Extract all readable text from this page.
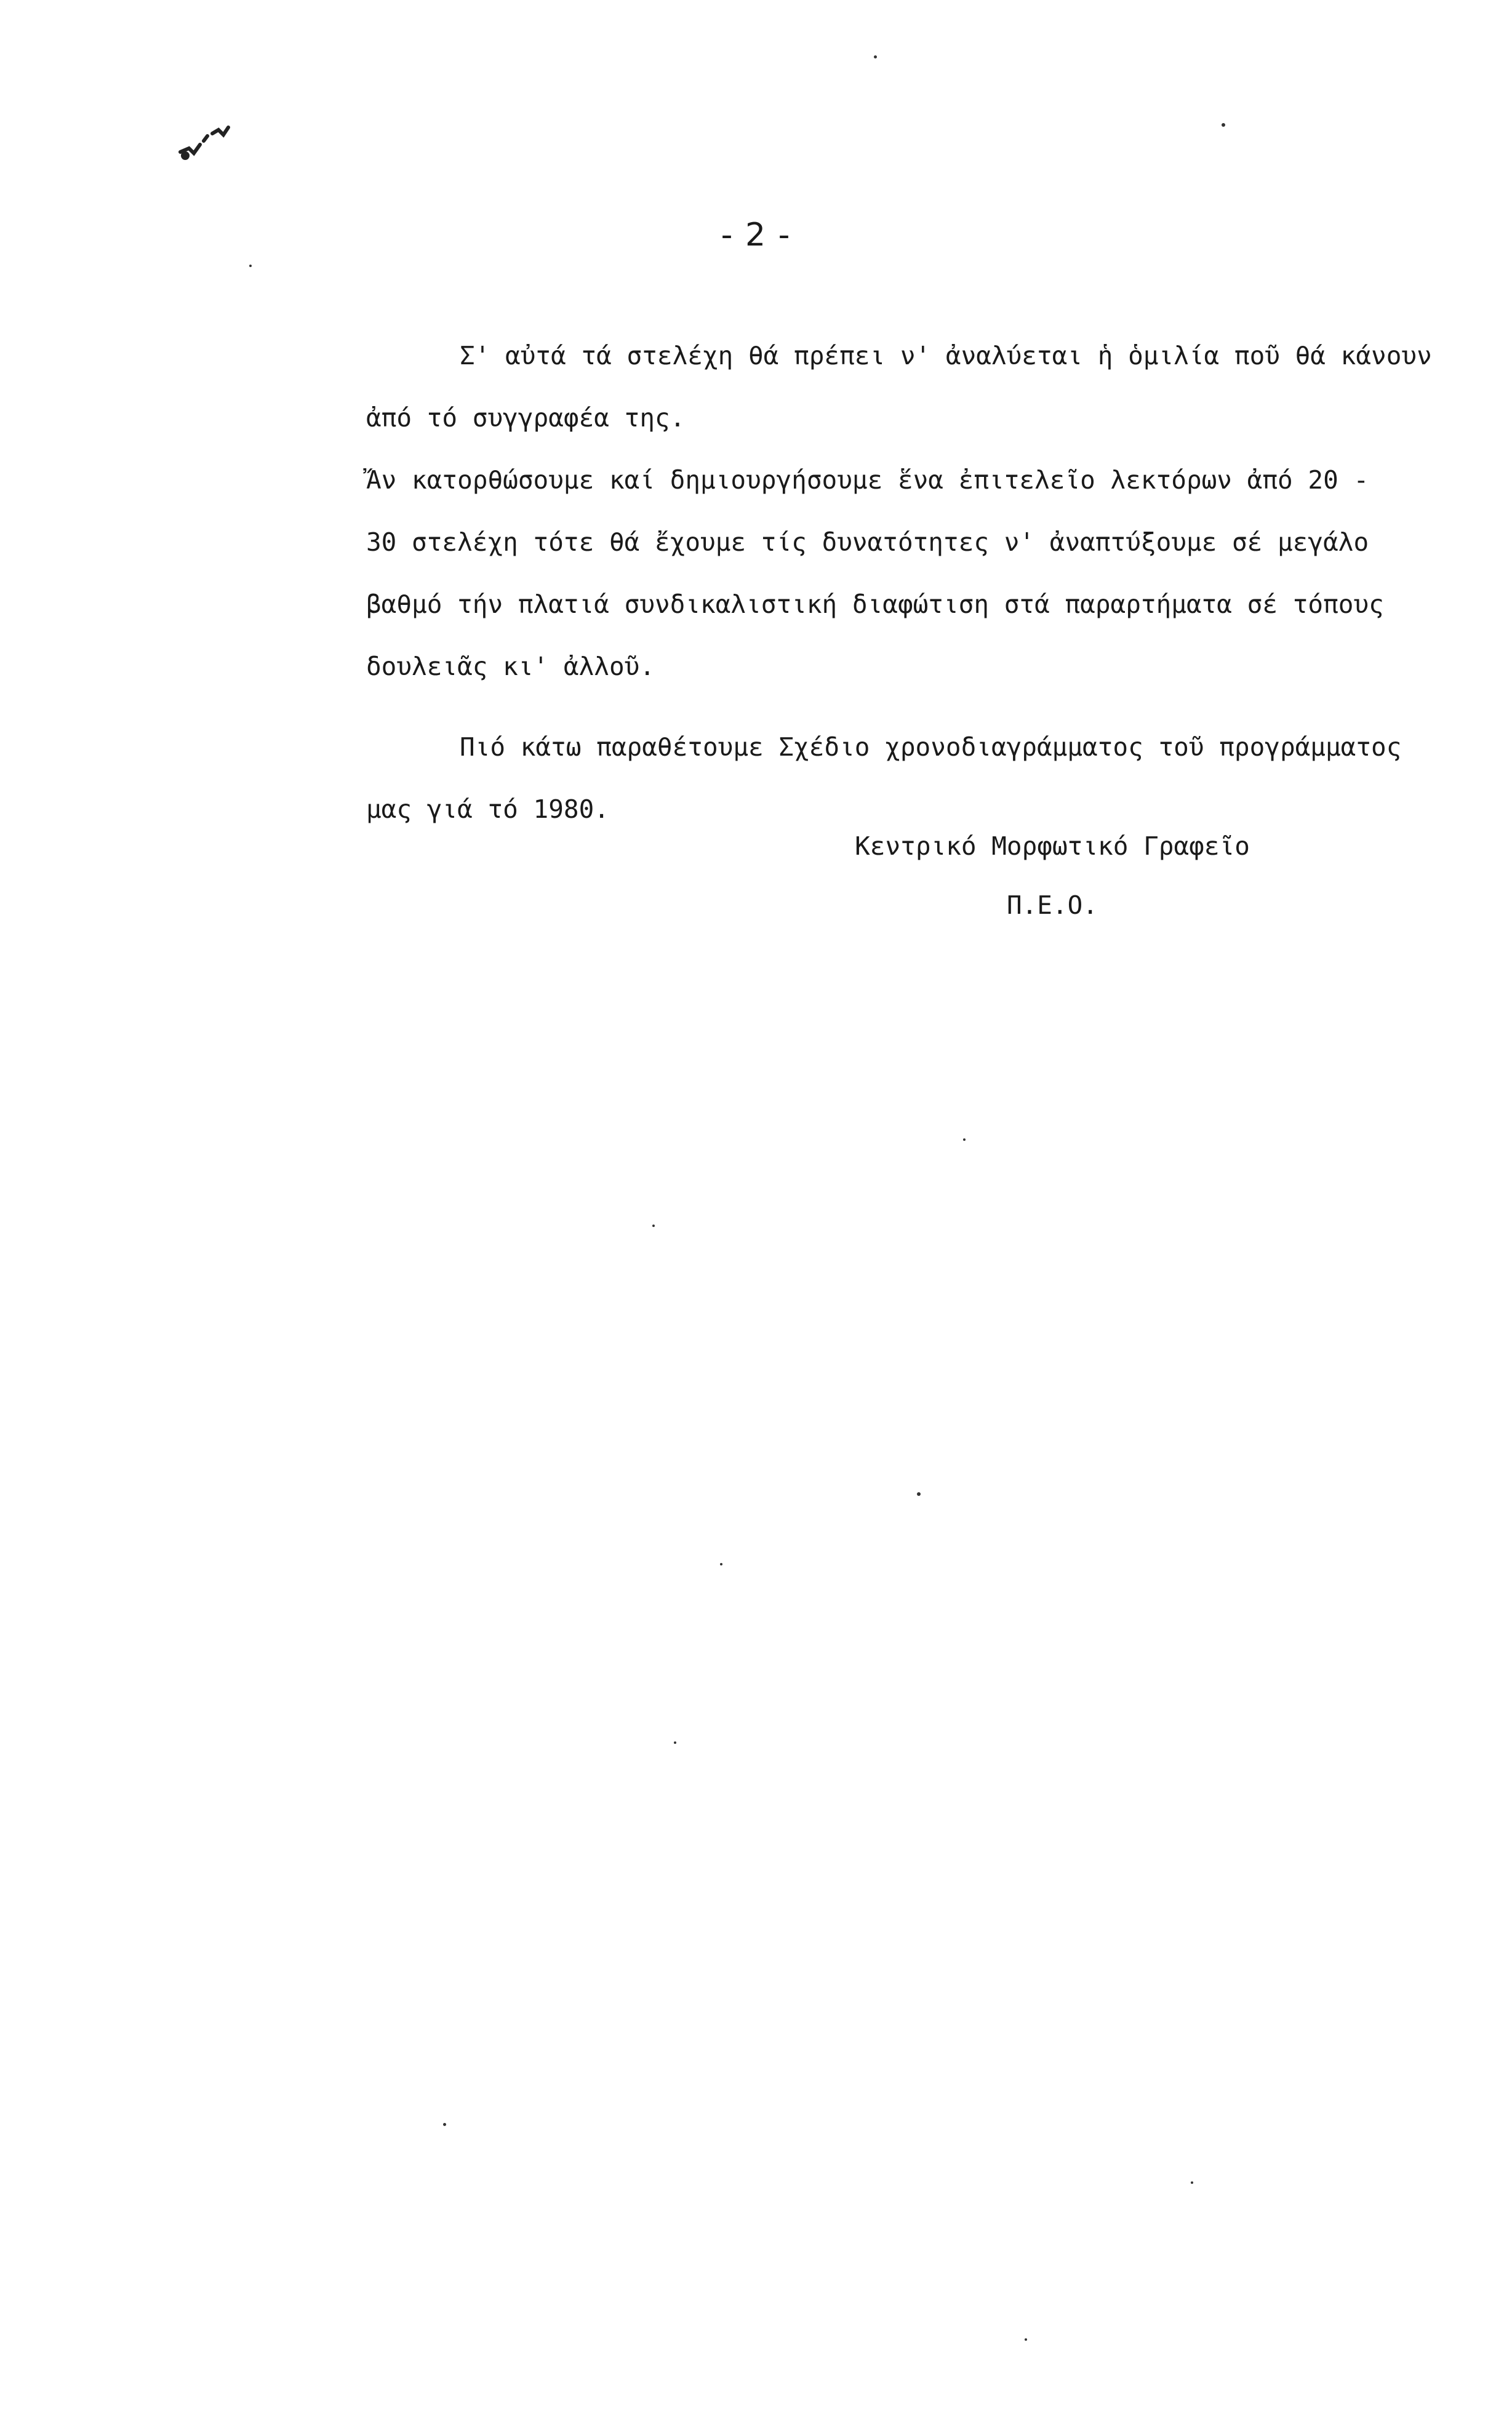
- 2 -
Σ' αὐτά τά στελέχη θά πρέπει ν' ἀναλύεται ἡ ὁμιλία ποῦ θά κάνουν
ἀπό τό συγγραφέα της.
Ἄν κατορθώσουμε καί δημιουργήσουμε ἕνα ἐπιτελεῖο λεκτόρων ἀπό 20 -
30 στελέχη τότε θά ἔχουμε τίς δυνατότητες ν' ἀναπτύξουμε σέ μεγάλο
βαθμό τήν πλατιά συνδικαλιστική διαφώτιση στά παραρτήματα σέ τόπους
δουλειᾶς κι' ἀλλοῦ.
Πιό κάτω παραθέτουμε Σχέδιο χρονοδιαγράμματος τοῦ προγράμματος
μας γιά τό 1980.
Κεντρικό Μορφωτικό Γραφεῖο
Π.Ε.Ο.
